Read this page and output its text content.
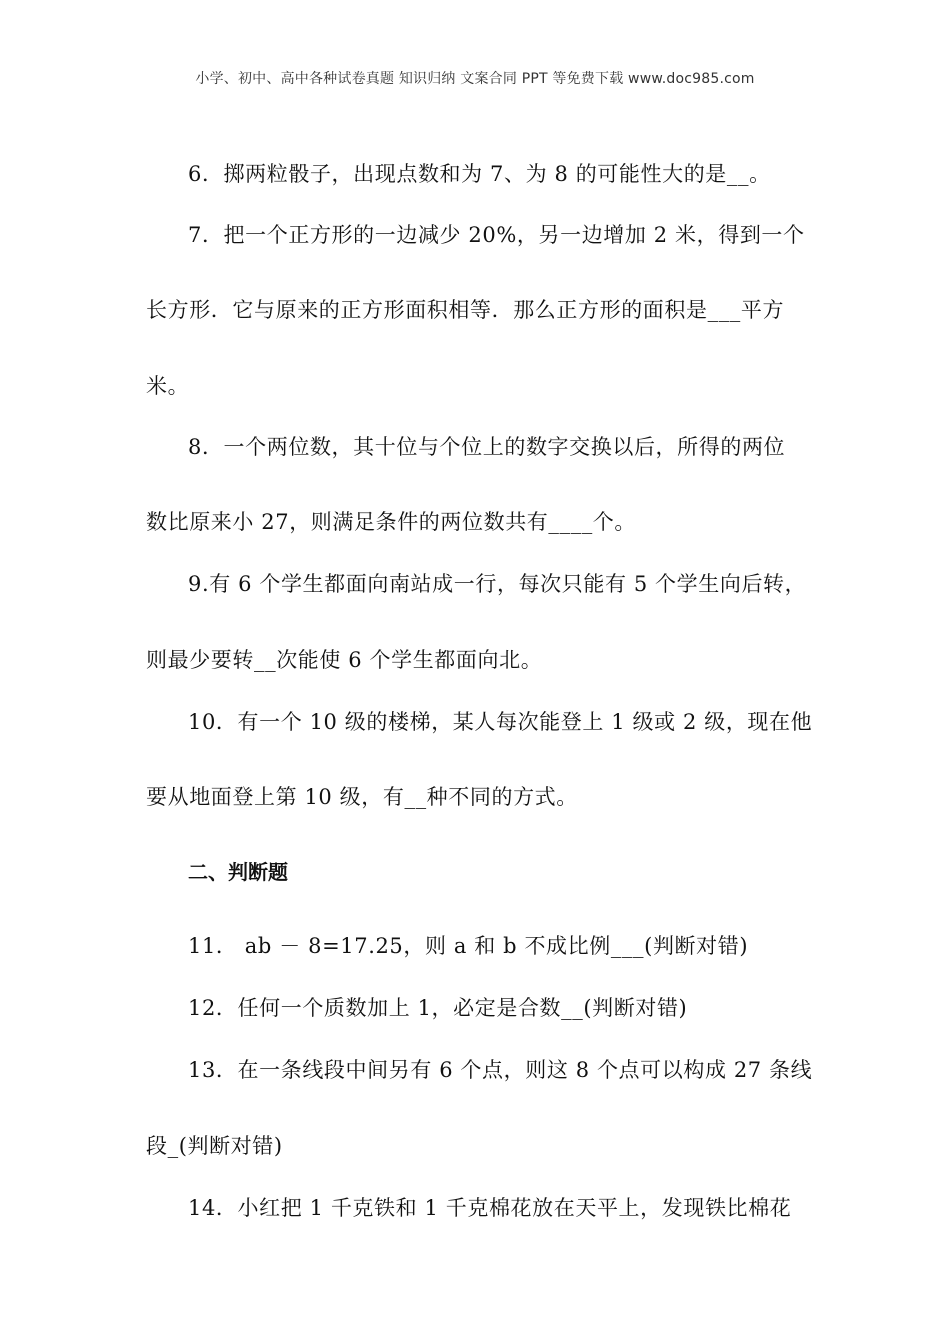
小学、初中、高中各种试卷真题 知识归纳 文案合同 PPT 等免费下载 www.doc985.com
6．掷两粒骰子，出现点数和为 7、为 8 的可能性大的是__。
7．把一个正方形的一边减少 20%，另一边增加 2 米，得到一个
长方形．它与原来的正方形面积相等．那么正方形的面积是___平方
米。
8．一个两位数，其十位与个位上的数字交换以后，所得的两位
数比原来小 27，则满足条件的两位数共有____个。
9.有 6 个学生都面向南站成一行，每次只能有 5 个学生向后转，
则最少要转__次能使 6 个学生都面向北。
10．有一个 10 级的楼梯，某人每次能登上 1 级或 2 级，现在他
要从地面登上第 10 级，有__种不同的方式。
二、判断题
11． ab － 8=17.25，则 a 和 b 不成比例___(判断对错)
12．任何一个质数加上 1，必定是合数__(判断对错)
13．在一条线段中间另有 6 个点，则这 8 个点可以构成 27 条线
段_(判断对错)
14．小红把 1 千克铁和 1 千克棉花放在天平上，发现铁比棉花
